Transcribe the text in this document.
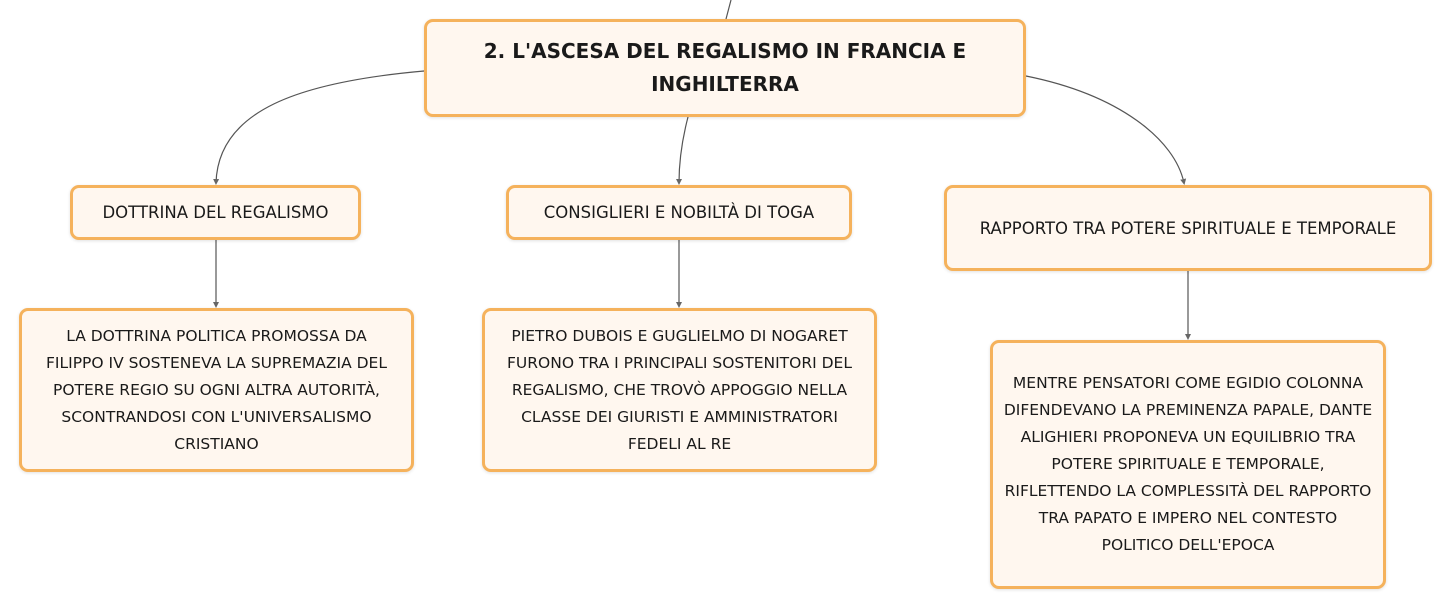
2. L'ASCESA DEL REGALISMO IN FRANCIA E INGHILTERRA
DOTTRINA DEL REGALISMO	CONSIGLIERI E NOBILTÀ DI TOGA
RAPPORTO TRA POTERE SPIRITUALE E TEMPORALE
LA DOTTRINA POLITICA PROMOSSA DA FILIPPO IV SOSTENEVA LA SUPREMAZIA DEL POTERE REGIO SU OGNI ALTRA AUTORITÀ, SCONTRANDOSI CON L'UNIVERSALISMO CRISTIANO
PIETRO DUBOIS E GUGLIELMO DI NOGARET FURONO TRA I PRINCIPALI SOSTENITORI DEL REGALISMO, CHE TROVÒ APPOGGIO NELLA CLASSE DEI GIURISTI E AMMINISTRATORI FEDELI AL RE
MENTRE PENSATORI COME EGIDIO COLONNA DIFENDEVANO LA PREMINENZA PAPALE, DANTE ALIGHIERI PROPONEVA UN EQUILIBRIO TRA POTERE SPIRITUALE E TEMPORALE, RIFLETTENDO LA COMPLESSITÀ DEL RAPPORTO TRA PAPATO E IMPERO NEL CONTESTO POLITICO DELL'EPOCA
